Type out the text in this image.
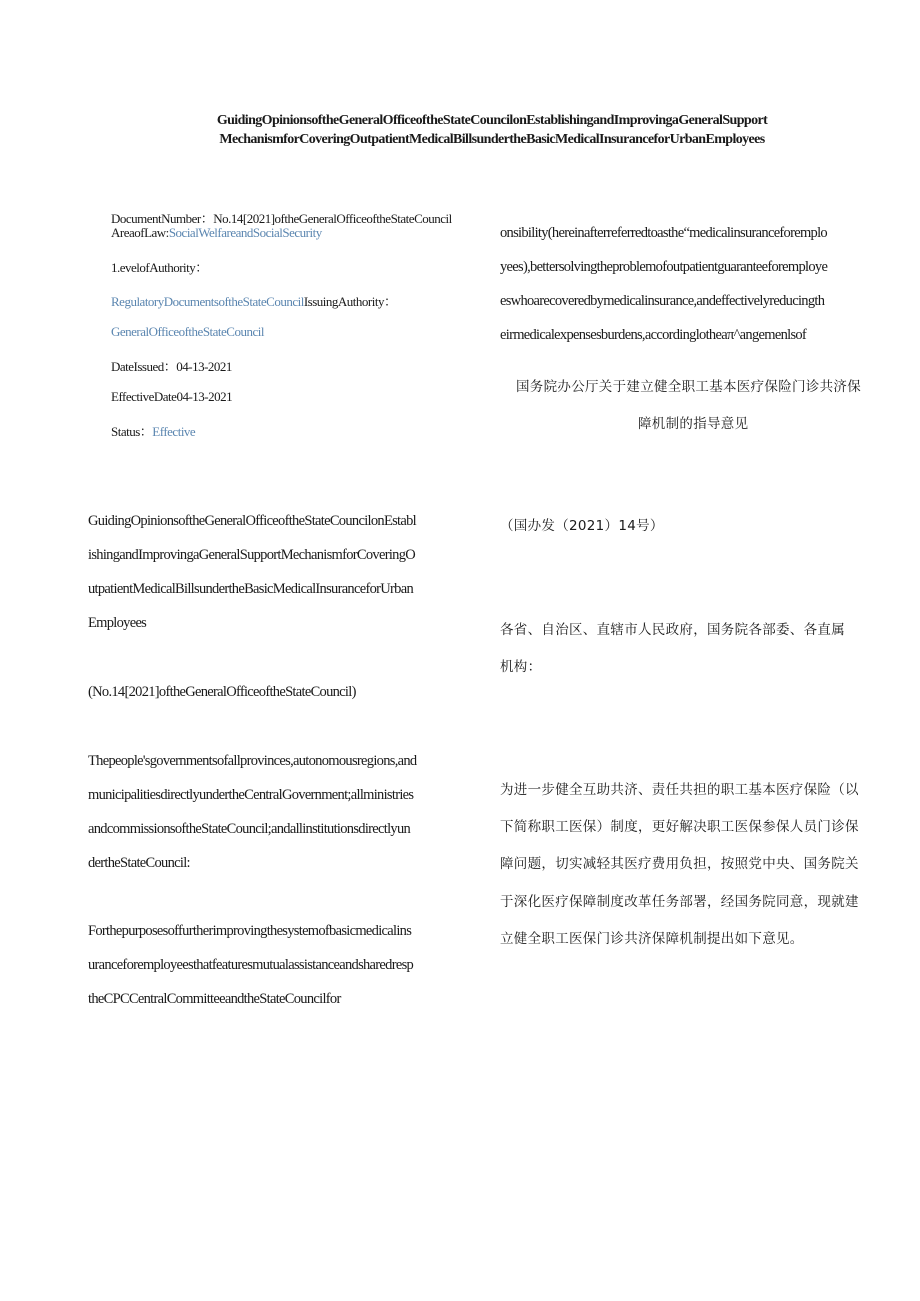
GuidingOpinionsoftheGeneralOfficeoftheStateCouncilonEstablishingandImprovingaGeneralSupport
MechanismforCoveringOutpatientMedicalBillsundertheBasicMedicalInsuranceforUrbanEmployees
DocumentNumber：No.14[2021]oftheGeneralOfficeoftheStateCouncil
AreaofLaw:SocialWelfareandSocialSecurity
1.evelofAuthority：
RegulatoryDocumentsoftheStateCouncilIssuingAuthority：
GeneralOfficeoftheStateCouncil
DateIssued：04-13-2021
EffectiveDate04-13-2021
Status：Effective
onsibility(hereinafterreferredtoasthe“medicalinsuranceforemplo
yees),bettersolvingtheproblemofoutpatientguaranteeforemploye
eswhoarecoveredbymedicalinsurance,andeffectivelyreducingth
eirmedicalexpensesburdens,accordinglotheaπ^angemenlsof
国务院办公厅关于建立健全职工基本医疗保险门诊共济保
障机制的指导意见
GuidingOpinionsoftheGeneralOfficeoftheStateCouncilonEstabl
ishingandImprovingaGeneralSupportMechanismforCoveringO
utpatientMedicalBillsundertheBasicMedicalInsuranceforUrban
Employees
（国办发（2021）14号）
(No.14[2021]oftheGeneralOfficeoftheStateCouncil)
各省、自治区、直辖市人民政府，国务院各部委、各直属
机构：
Thepeople'sgovernmentsofallprovinces,autonomousregions,and
municipalitiesdirectlyundertheCentralGovernment;allministries
andcommissionsoftheStateCouncil;andallinstitutionsdirectlyun
dertheStateCouncil:
为进一步健全互助共济、责任共担的职工基本医疗保险（以
下简称职工医保）制度，更好解决职工医保参保人员门诊保
障问题，切实减轻其医疗费用负担，按照党中央、国务院关
于深化医疗保障制度改革任务部署，经国务院同意，现就建
立健全职工医保门诊共济保障机制提出如下意见。
Forthepurposesoffurtherimprovingthesystemofbasicmedicalins
uranceforemployeesthatfeaturesmutualassistanceandsharedresp
theCPCCentralCommitteeandtheStateCouncilfor
